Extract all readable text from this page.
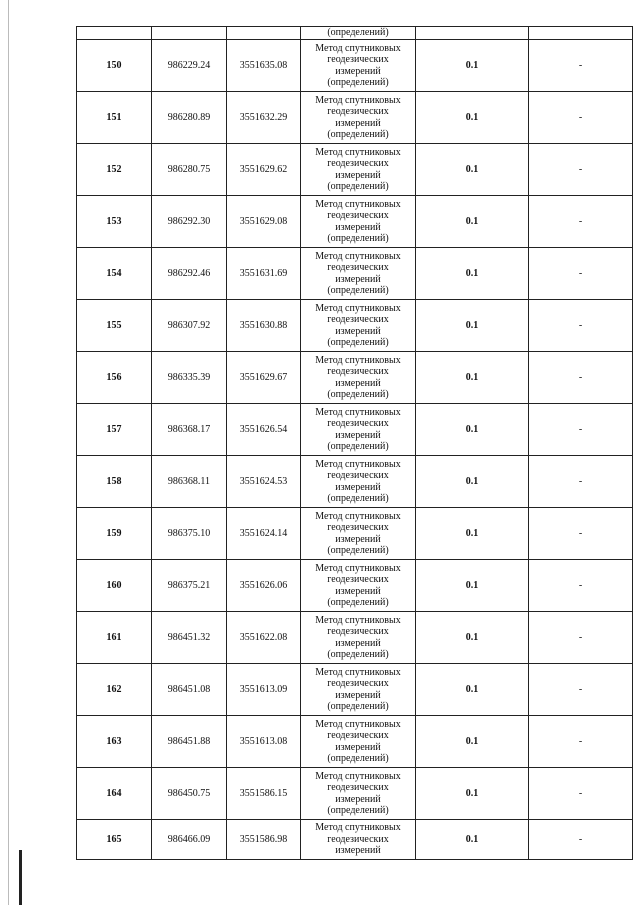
			(определений)		
150	986229.24	3551635.08	Метод спутниковых
геодезических
измерений
(определений)	0.1	-
151	986280.89	3551632.29	Метод спутниковых
геодезических
измерений
(определений)	0.1	-
152	986280.75	3551629.62	Метод спутниковых
геодезических
измерений
(определений)	0.1	-
153	986292.30	3551629.08	Метод спутниковых
геодезических
измерений
(определений)	0.1	-
154	986292.46	3551631.69	Метод спутниковых
геодезических
измерений
(определений)	0.1	-
155	986307.92	3551630.88	Метод спутниковых
геодезических
измерений
(определений)	0.1	-
156	986335.39	3551629.67	Метод спутниковых
геодезических
измерений
(определений)	0.1	-
157	986368.17	3551626.54	Метод спутниковых
геодезических
измерений
(определений)	0.1	-
158	986368.11	3551624.53	Метод спутниковых
геодезических
измерений
(определений)	0.1	-
159	986375.10	3551624.14	Метод спутниковых
геодезических
измерений
(определений)	0.1	-
160	986375.21	3551626.06	Метод спутниковых
геодезических
измерений
(определений)	0.1	-
161	986451.32	3551622.08	Метод спутниковых
геодезических
измерений
(определений)	0.1	-
162	986451.08	3551613.09	Метод спутниковых
геодезических
измерений
(определений)	0.1	-
163	986451.88	3551613.08	Метод спутниковых
геодезических
измерений
(определений)	0.1	-
164	986450.75	3551586.15	Метод спутниковых
геодезических
измерений
(определений)	0.1	-
165	986466.09	3551586.98	Метод спутниковых
геодезических
измерений	0.1	-
